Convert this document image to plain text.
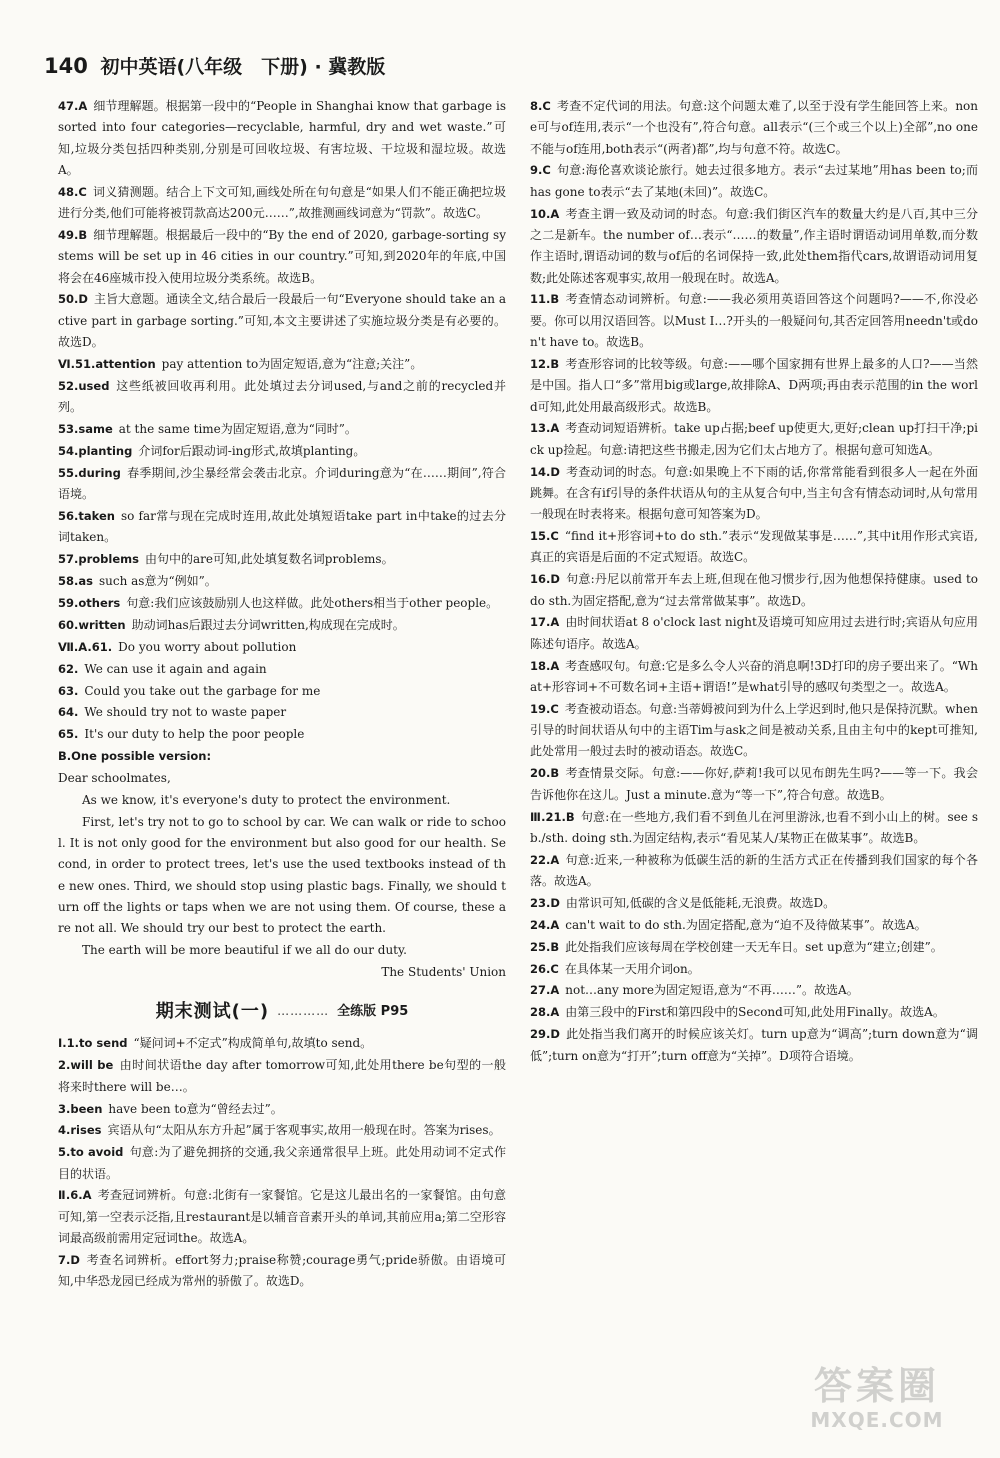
140 初中英语(八年级　下册) · 冀教版
47.A 细节理解题。根据第一段中的“People in Shanghai know that garbage is sorted into four categories—recyclable, harmful, dry and wet waste.”可知,垃圾分类包括四种类别,分别是可回收垃圾、有害垃圾、干垃圾和湿垃圾。故选A。
48.C 词义猜测题。结合上下文可知,画线处所在句句意是“如果人们不能正确把垃圾进行分类,他们可能将被罚款高达200元……”,故推测画线词意为“罚款”。故选C。
49.B 细节理解题。根据最后一段中的“By the end of 2020, garbage-sorting systems will be set up in 46 cities in our country.”可知,到2020年的年底,中国将会在46座城市投入使用垃圾分类系统。故选B。
50.D 主旨大意题。通读全文,结合最后一段最后一句“Everyone should take an active part in garbage sorting.”可知,本文主要讲述了实施垃圾分类是有必要的。故选D。
Ⅵ.51.attention pay attention to为固定短语,意为“注意;关注”。
52.used 这些纸被回收再利用。此处填过去分词used,与and之前的recycled并列。
53.same at the same time为固定短语,意为“同时”。
54.planting 介词for后跟动词-ing形式,故填planting。
55.during 春季期间,沙尘暴经常会袭击北京。介词during意为“在……期间”,符合语境。
56.taken so far常与现在完成时连用,故此处填短语take part in中take的过去分词taken。
57.problems 由句中的are可知,此处填复数名词problems。
58.as such as意为“例如”。
59.others 句意:我们应该鼓励别人也这样做。此处others相当于other people。
60.written 助动词has后跟过去分词written,构成现在完成时。
Ⅶ.A.61. Do you worry about pollution
62. We can use it again and again
63. Could you take out the garbage for me
64. We should try not to waste paper
65. It's our duty to help the poor people
B.One possible version:
Dear schoolmates,
As we know, it's everyone's duty to protect the environment.
First, let's try not to go to school by car. We can walk or ride to school. It is not only good for the environment but also good for our health. Second, in order to protect trees, let's use the used textbooks instead of the new ones. Third, we should stop using plastic bags. Finally, we should turn off the lights or taps when we are not using them. Of course, these are not all. We should try our best to protect the earth.
The earth will be more beautiful if we all do our duty.
The Students' Union
期末测试(一) ………… 全练版 P95
Ⅰ.1.to send “疑问词+不定式”构成简单句,故填to send。
2.will be 由时间状语the day after tomorrow可知,此处用there be句型的一般将来时there will be…。
3.been have been to意为“曾经去过”。
4.rises 宾语从句“太阳从东方升起”属于客观事实,故用一般现在时。答案为rises。
5.to avoid 句意:为了避免拥挤的交通,我父亲通常很早上班。此处用动词不定式作目的状语。
Ⅱ.6.A 考查冠词辨析。句意:北街有一家餐馆。它是这儿最出名的一家餐馆。由句意可知,第一空表示泛指,且restaurant是以辅音音素开头的单词,其前应用a;第二空形容词最高级前需用定冠词the。故选A。
7.D 考查名词辨析。effort努力;praise称赞;courage勇气;pride骄傲。由语境可知,中华恐龙园已经成为常州的骄傲了。故选D。
8.C 考查不定代词的用法。句意:这个问题太难了,以至于没有学生能回答上来。none可与of连用,表示“一个也没有”,符合句意。all表示“(三个或三个以上)全部”,no one不能与of连用,both表示“(两者)都”,均与句意不符。故选C。
9.C 句意:海伦喜欢谈论旅行。她去过很多地方。表示“去过某地”用has been to;而has gone to表示“去了某地(未回)”。故选C。
10.A 考查主谓一致及动词的时态。句意:我们街区汽车的数量大约是八百,其中三分之二是新车。the number of…表示“……的数量”,作主语时谓语动词用单数,而分数作主语时,谓语动词的数与of后的名词保持一致,此处them指代cars,故谓语动词用复数;此处陈述客观事实,故用一般现在时。故选A。
11.B 考查情态动词辨析。句意:——我必须用英语回答这个问题吗?——不,你没必要。你可以用汉语回答。以Must I…?开头的一般疑问句,其否定回答用needn't或don't have to。故选B。
12.B 考查形容词的比较等级。句意:——哪个国家拥有世界上最多的人口?——当然是中国。指人口“多”常用big或large,故排除A、D两项;再由表示范围的in the world可知,此处用最高级形式。故选B。
13.A 考查动词短语辨析。take up占据;beef up使更大,更好;clean up打扫干净;pick up捡起。句意:请把这些书搬走,因为它们太占地方了。根据句意可知选A。
14.D 考查动词的时态。句意:如果晚上不下雨的话,你常常能看到很多人一起在外面跳舞。在含有if引导的条件状语从句的主从复合句中,当主句含有情态动词时,从句常用一般现在时表将来。根据句意可知答案为D。
15.C “find it+形容词+to do sth.”表示“发现做某事是……”,其中it用作形式宾语,真正的宾语是后面的不定式短语。故选C。
16.D 句意:丹尼以前常开车去上班,但现在他习惯步行,因为他想保持健康。used to do sth.为固定搭配,意为“过去常常做某事”。故选D。
17.A 由时间状语at 8 o'clock last night及语境可知应用过去进行时;宾语从句应用陈述句语序。故选A。
18.A 考查感叹句。句意:它是多么令人兴奋的消息啊!3D打印的房子要出来了。“What+形容词+不可数名词+主语+谓语!”是what引导的感叹句类型之一。故选A。
19.C 考查被动语态。句意:当蒂姆被问到为什么上学迟到时,他只是保持沉默。when引导的时间状语从句中的主语Tim与ask之间是被动关系,且由主句中的kept可推知,此处常用一般过去时的被动语态。故选C。
20.B 考查情景交际。句意:——你好,萨莉!我可以见布朗先生吗?——等一下。我会告诉他你在这儿。Just a minute.意为“等一下”,符合句意。故选B。
Ⅲ.21.B 句意:在一些地方,我们看不到鱼儿在河里游泳,也看不到小山上的树。see sb./sth. doing sth.为固定结构,表示“看见某人/某物正在做某事”。故选B。
22.A 句意:近来,一种被称为低碳生活的新的生活方式正在传播到我们国家的每个各落。故选A。
23.D 由常识可知,低碳的含义是低能耗,无浪费。故选D。
24.A can't wait to do sth.为固定搭配,意为“迫不及待做某事”。故选A。
25.B 此处指我们应该每周在学校创建一天无车日。set up意为“建立;创建”。
26.C 在具体某一天用介词on。
27.A not…any more为固定短语,意为“不再……”。故选A。
28.A 由第三段中的First和第四段中的Second可知,此处用Finally。故选A。
29.D 此处指当我们离开的时候应该关灯。turn up意为“调高”;turn down意为“调低”;turn on意为“打开”;turn off意为“关掉”。D项符合语境。
答案圈
MXQE.COM
